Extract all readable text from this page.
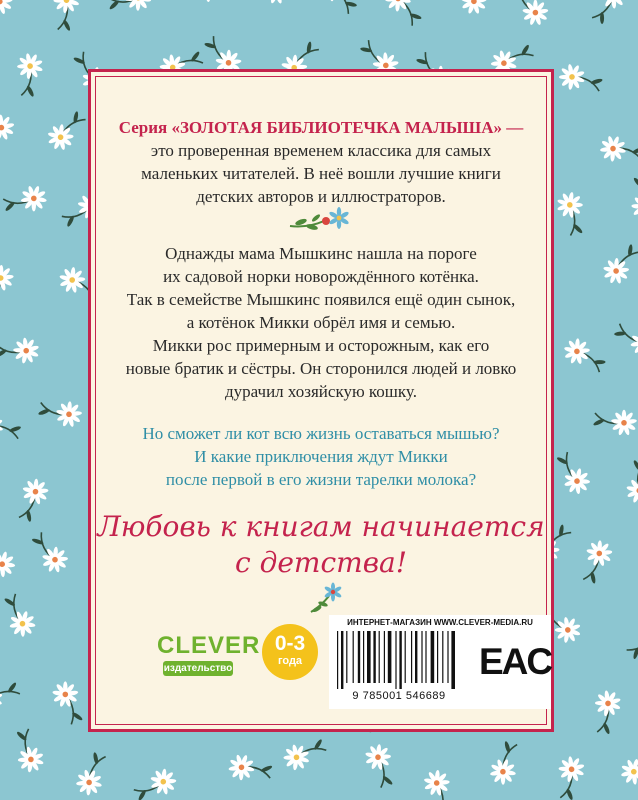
Серия «ЗОЛОТАЯ БИБЛИОТЕЧКА МАЛЫША» —
это проверенная временем классика для самых
маленьких читателей. В неё вошли лучшие книги
детских авторов и иллюстраторов.
Однажды мама Мышкинс нашла на пороге
их садовой норки новорождённого котёнка.
Так в семействе Мышкинс появился ещё один сынок,
а котёнок Микки обрёл имя и семью.
Микки рос примерным и осторожным, как его
новые братик и сёстры. Он сторонился людей и ловко
дурачил хозяйскую кошку.
Но сможет ли кот всю жизнь оставаться мышью?
И какие приключения ждут Микки
после первой в его жизни тарелки молока?
Любовь к книгам начинается
с детства!
CLEVER
издательство
0-3
года
ИНТЕРНЕТ-МАГАЗИН WWW.CLEVER-MEDIA.RU
9 785001 546689
EAC
